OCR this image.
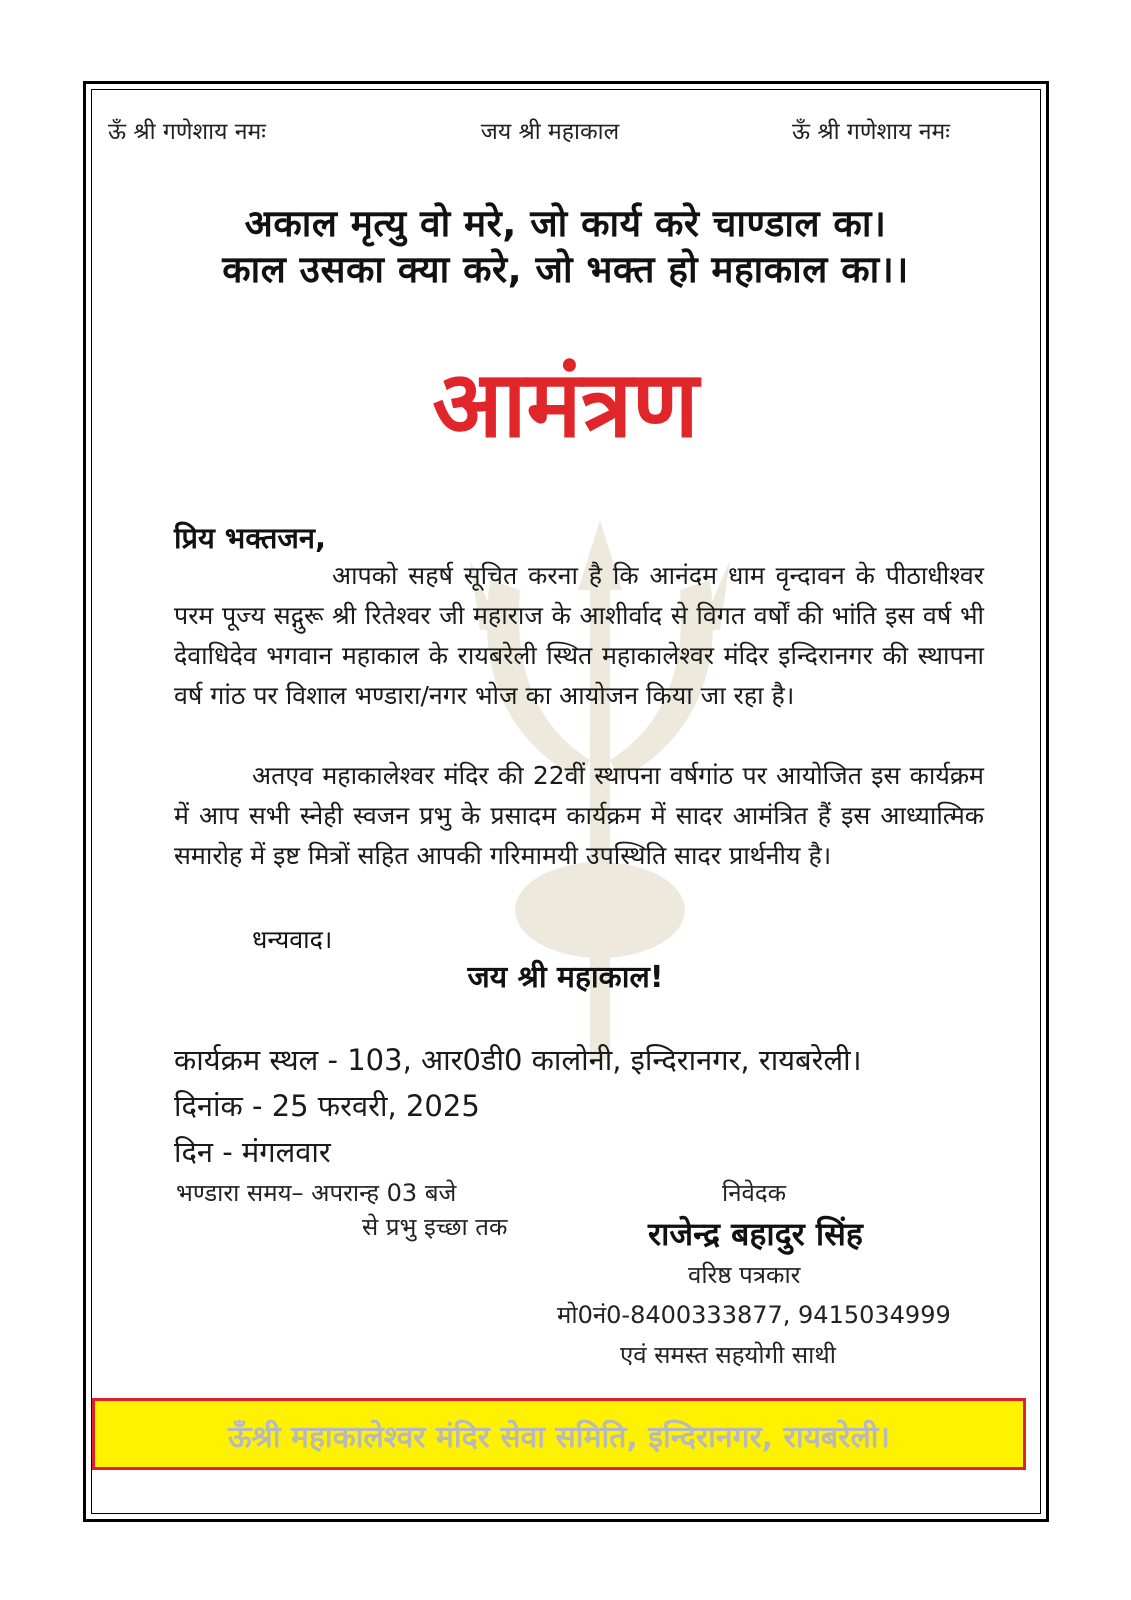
ऊँ श्री गणेशाय नमः	जय श्री महाकाल	ऊँ श्री गणेशाय नमः
अकाल मृत्यु वो मरे, जो कार्य करे चाण्डाल का।
काल उसका क्या करे, जो भक्त हो महाकाल का।।
आमंत्रण
प्रिय भक्तजन,

आपको सहर्ष सूचित करना है कि आनंदम धाम वृन्दावन के पीठाधीश्वर परम पूज्य सद्गुरू श्री रितेश्वर जी महाराज के आशीर्वाद से विगत वर्षों की भांति इस वर्ष भी देवाधिदेव भगवान महाकाल के रायबरेली स्थित महाकालेश्वर मंदिर इन्दिरानगर की स्थापना वर्ष गांठ पर विशाल भण्डारा/नगर भोज का आयोजन किया जा रहा है।

अतएव महाकालेश्वर मंदिर की 22वीं स्थापना वर्षगांठ पर आयोजित इस कार्यक्रम में आप सभी स्नेही स्वजन प्रभु के प्रसादम कार्यक्रम में सादर आमंत्रित हैं इस आध्यात्मिक समारोह में इष्ट मित्रों सहित आपकी गरिमामयी उपस्थिति सादर प्रार्थनीय है।

धन्यवाद।
जय श्री महाकाल!
कार्यक्रम स्थल - 103, आर0डी0 कालोनी, इन्दिरानगर, रायबरेली।
दिनांक - 25 फरवरी, 2025
दिन - मंगलवार
भण्डारा समय– अपरान्ह 03 बजे
से प्रभु इच्छा तक
निवेदक
राजेन्द्र बहादुर सिंह
वरिष्ठ पत्रकार
मो0नं0-8400333877, 9415034999
एवं समस्त सहयोगी साथी
ऊँश्री महाकालेश्वर मंदिर सेवा समिति, इन्दिरानगर, रायबरेली।
